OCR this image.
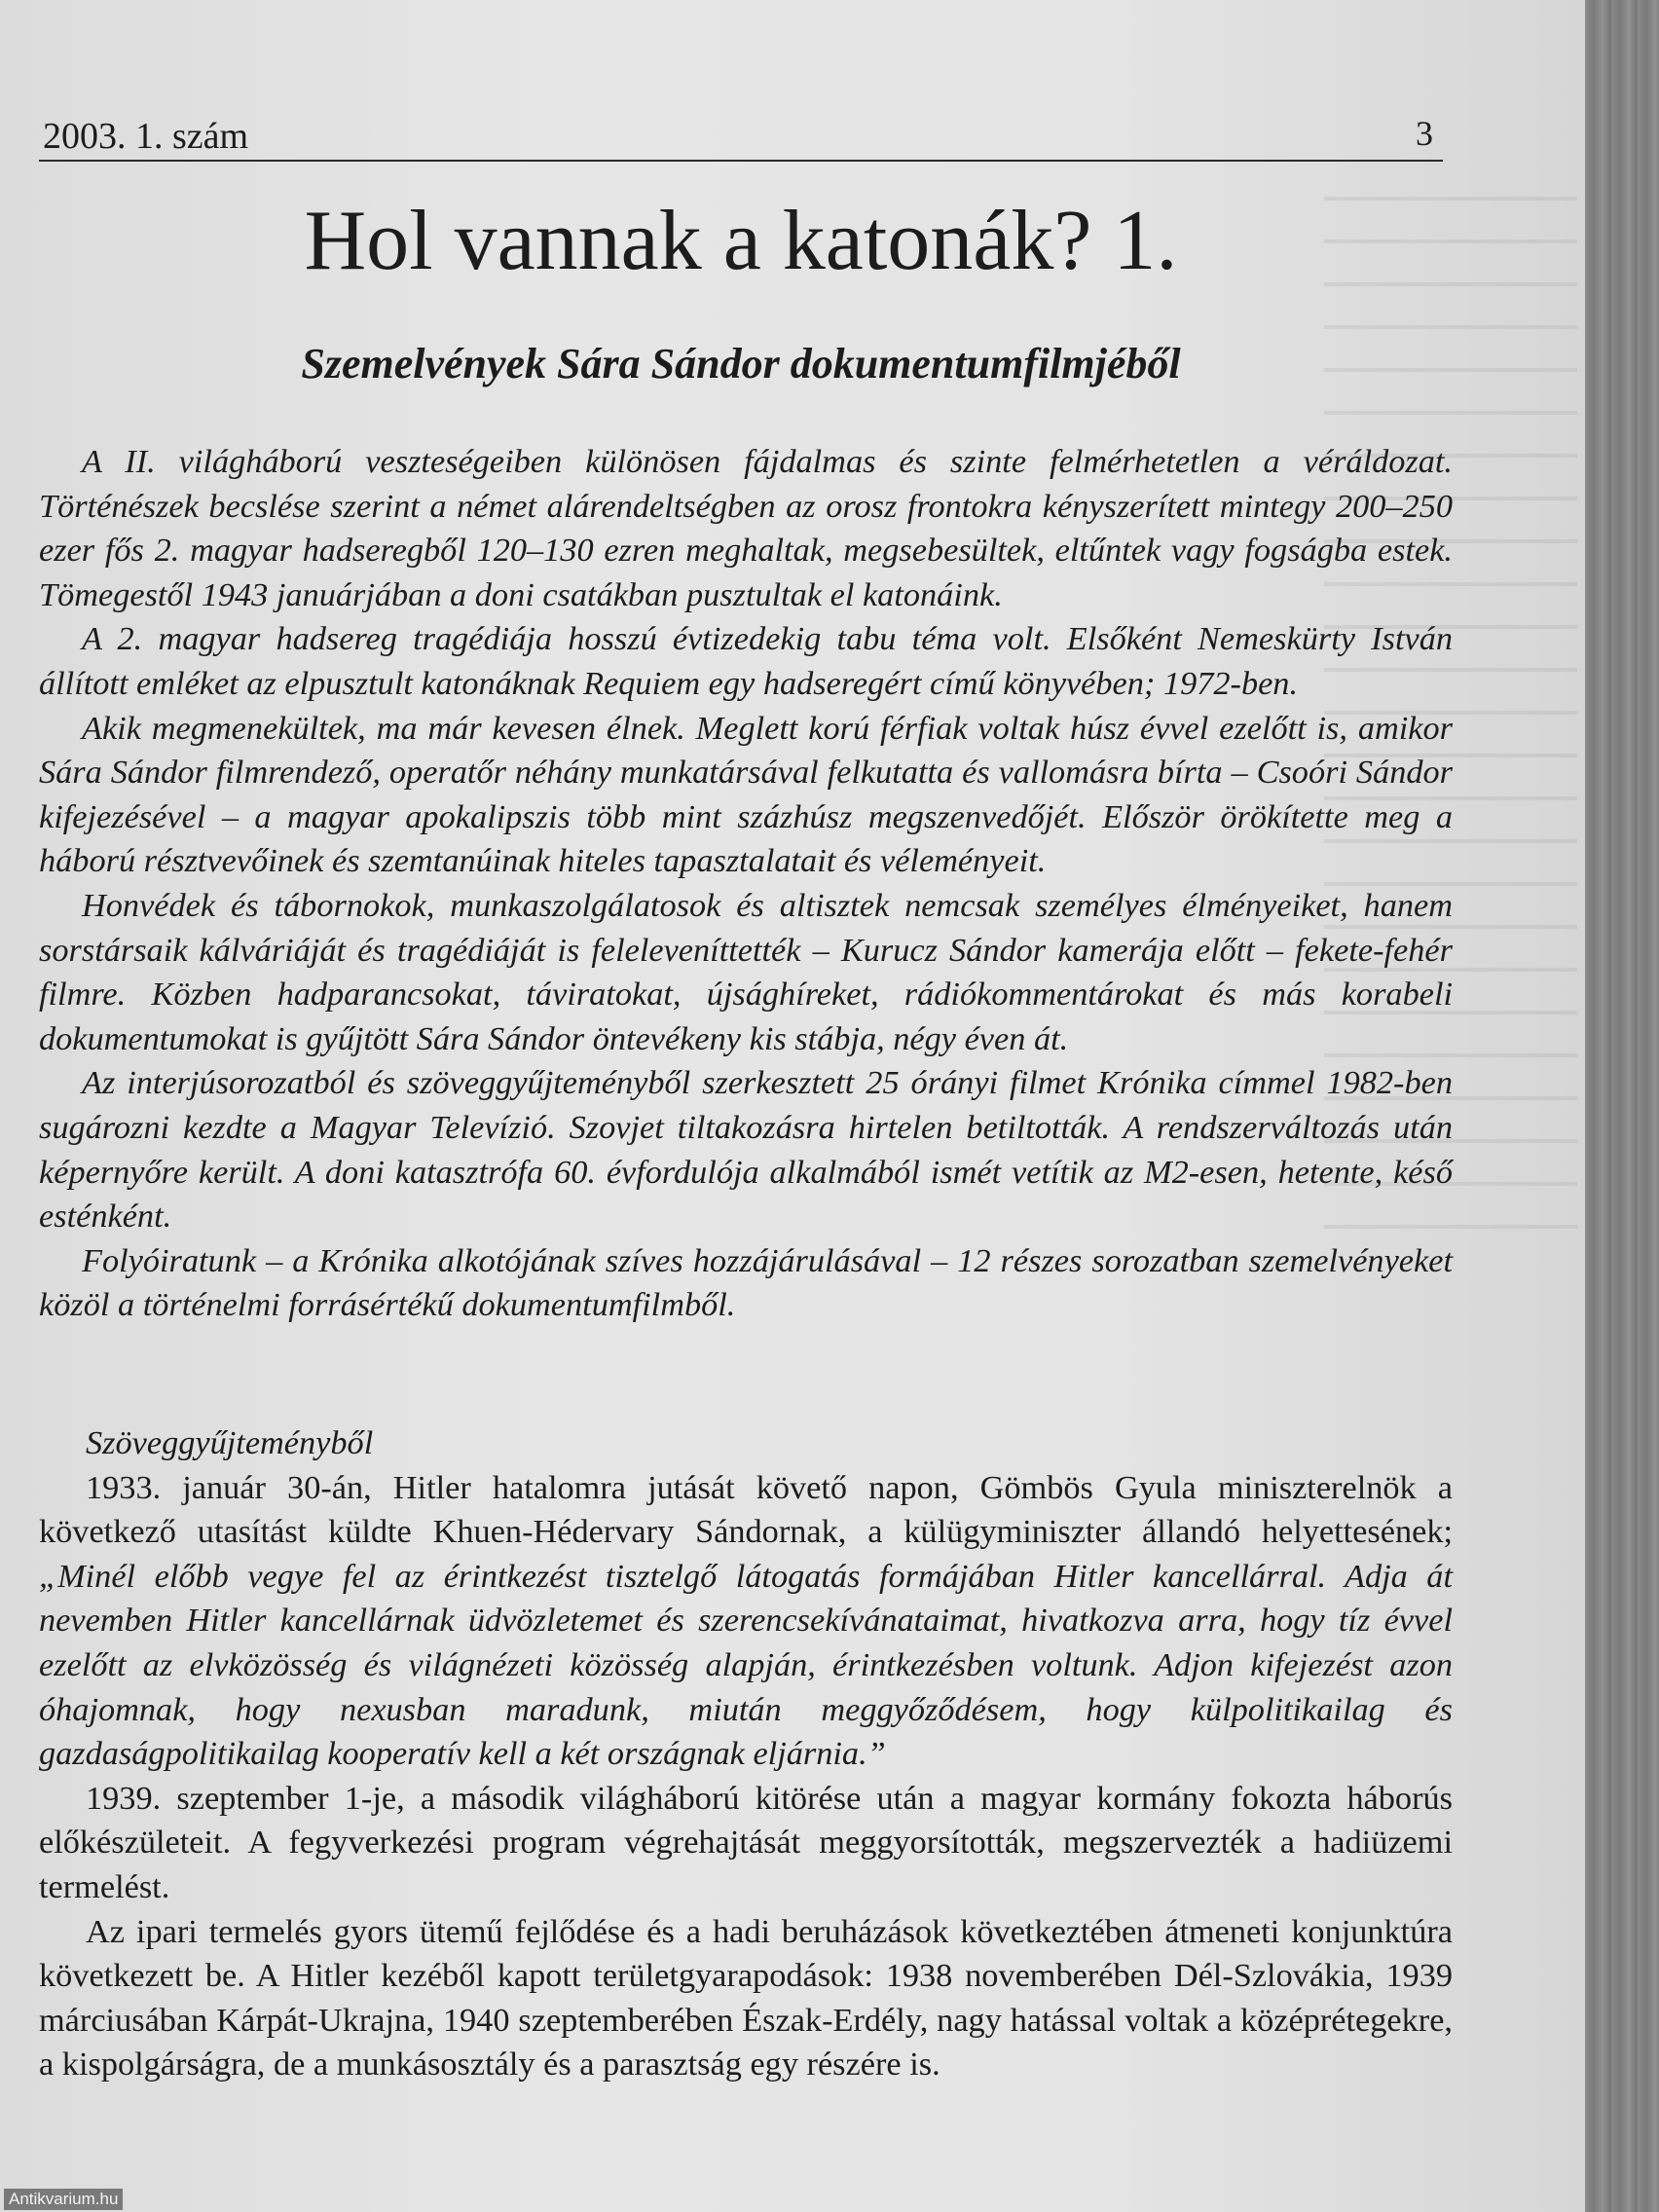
2003. 1. szám	3
Hol vannak a katonák? 1.
Szemelvények Sára Sándor dokumentumfilmjéből

A II. világháború veszteségeiben különösen fájdalmas és szinte felmérhetetlen a véráldozat. Történészek becslése szerint a német alárendeltségben az orosz frontokra kényszerített mintegy 200–250 ezer fős 2. magyar hadseregből 120–130 ezren meghaltak, megsebesültek, eltűntek vagy fogságba estek. Tömegestől 1943 januárjában a doni csatákban pusztultak el katonáink.

A 2. magyar hadsereg tragédiája hosszú évtizedekig tabu téma volt. Elsőként Nemeskürty István állított emléket az elpusztult katonáknak Requiem egy hadseregért című könyvében; 1972-ben.

Akik megmenekültek, ma már kevesen élnek. Meglett korú férfiak voltak húsz évvel ezelőtt is, amikor Sára Sándor filmrendező, operatőr néhány munkatársával felkutatta és vallomásra bírta – Csoóri Sándor kifejezésével – a magyar apokalipszis több mint százhúsz megszenvedőjét. Először örökítette meg a háború résztvevőinek és szemtanúinak hiteles tapasztalatait és véleményeit.

Honvédek és tábornokok, munkaszolgálatosok és altisztek nemcsak személyes élményeiket, hanem sorstársaik kálváriáját és tragédiáját is feleleveníttették – Kurucz Sándor kamerája előtt – fekete-fehér filmre. Közben hadparancsokat, táviratokat, újsághíreket, rádiókommentárokat és más korabeli dokumentumokat is gyűjtött Sára Sándor öntevékeny kis stábja, négy éven át.

Az interjúsorozatból és szöveggyűjteményből szerkesztett 25 órányi filmet Krónika címmel 1982-ben sugározni kezdte a Magyar Televízió. Szovjet tiltakozásra hirtelen betiltották. A rendszerváltozás után képernyőre került. A doni katasztrófa 60. évfordulója alkalmából ismét vetítik az M2-esen, hetente, késő esténként.

Folyóiratunk – a Krónika alkotójának szíves hozzájárulásával – 12 részes sorozatban szemelvényeket közöl a történelmi forrásértékű dokumentumfilmből.

Szöveggyűjteményből

1933. január 30-án, Hitler hatalomra jutását követő napon, Gömbös Gyula miniszterelnök a következő utasítást küldte Khuen-Hédervary Sándornak, a külügyminiszter állandó helyettesének; „Minél előbb vegye fel az érintkezést tisztelgő látogatás formájában Hitler kancellárral. Adja át nevemben Hitler kancellárnak üdvözletemet és szerencsekívánataimat, hivatkozva arra, hogy tíz évvel ezelőtt az elvközösség és világnézeti közösség alapján, érintkezésben voltunk. Adjon kifejezést azon óhajomnak, hogy nexusban maradunk, miután meggyőződésem, hogy külpolitikailag és gazdaságpolitikailag kooperatív kell a két országnak eljárnia.”

1939. szeptember 1-je, a második világháború kitörése után a magyar kormány fokozta háborús előkészületeit. A fegyverkezési program végrehajtását meggyorsították, megszervezték a hadiüzemi termelést.

Az ipari termelés gyors ütemű fejlődése és a hadi beruházások következtében átmeneti konjunktúra következett be. A Hitler kezéből kapott területgyarapodások: 1938 novemberében Dél-Szlovákia, 1939 márciusában Kárpát-Ukrajna, 1940 szeptemberében Észak-Erdély, nagy hatással voltak a középrétegekre, a kispolgárságra, de a munkásosztály és a parasztság egy részére is.

Antikvarium.hu
